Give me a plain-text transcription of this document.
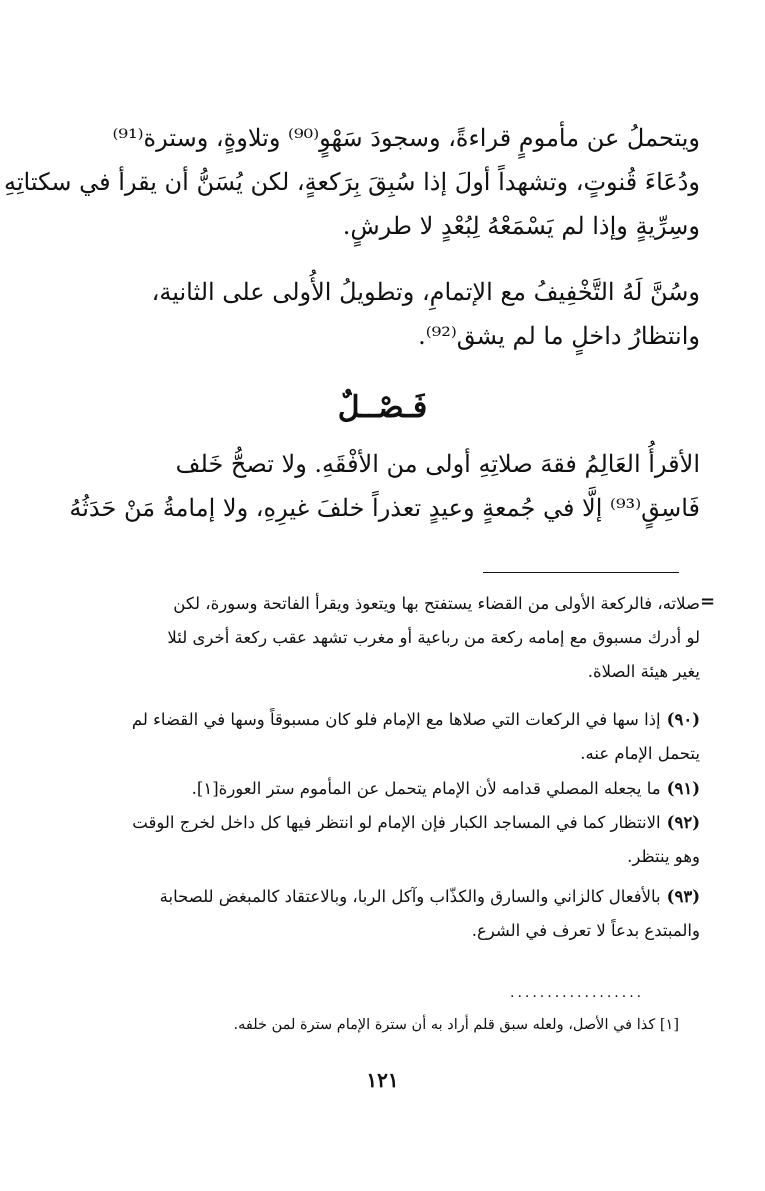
ويتحملُ عن مأمومٍ قراءةً، وسجودَ سَهْوٍ⁽⁹⁰⁾ وتلاوةٍ، وسترة⁽⁹¹⁾
ودُعَاءَ قُنوتٍ، وتشهداً أولَ إذا سُبِقَ بِرَكعةٍ، لكن يُسَنُّ أن يقرأ في سكتاتِهِ
وسِرِّيةٍ وإذا لم يَسْمَعْهُ لِبُعْدٍ لا طرشٍ.
وسُنَّ لَهُ التَّخْفِيفُ مع الإتمامِ، وتطويلُ الأُولى على الثانية،
وانتظارُ داخلٍ ما لم يشق⁽⁹²⁾.
فَـصْــلٌ
الأقرأُ العَالِمُ فقهَ صلاتِهِ أولى من الأفْقَهِ. ولا تصحُّ خَلف
فَاسِقٍ⁽⁹³⁾ إلَّا في جُمعةٍ وعيدٍ تعذراً خلفَ غيرِهِ، ولا إمامةُ مَنْ حَدَثُهُ
=
صلاته، فالركعة الأولى من القضاء يستفتح بها ويتعوذ ويقرأ الفاتحة وسورة، لكن
لو أدرك مسبوق مع إمامه ركعة من رباعية أو مغرب تشهد عقب ركعة أخرى لئلا
يغير هيئة الصلاة.
(٩٠)إذا سها في الركعات التي صلاها مع الإمام فلو كان مسبوقاً وسها في القضاء لم
يتحمل الإمام عنه.
(٩١)ما يجعله المصلي قدامه لأن الإمام يتحمل عن المأموم ستر العورة[١].
(٩٢)الانتظار كما في المساجد الكبار فإن الإمام لو انتظر فيها كل داخل لخرج الوقت
وهو ينتظر.
(٩٣)بالأفعال كالزاني والسارق والكذّاب وآكل الربا، وبالاعتقاد كالمبغض للصحابة
والمبتدع بدعاً لا تعرف في الشرع.
..................
[١] كذا في الأصل، ولعله سبق قلم أراد به أن سترة الإمام سترة لمن خلفه.
١٢١
